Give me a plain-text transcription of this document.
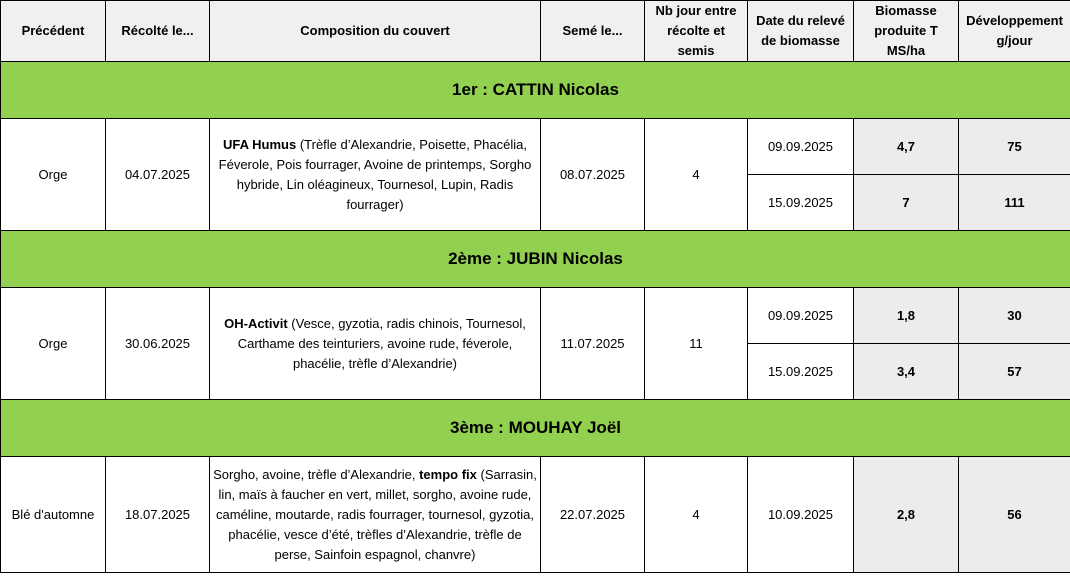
Précédent	Récolté le...	Composition du couvert	Semé le...	Nb jour entre récolte et semis	Date du relevé de biomasse	Biomasse produite T MS/ha	Développement g/jour
1er : CATTIN Nicolas							
Orge	04.07.2025	UFA Humus (Trèfle d’Alexandrie, Poisette, Phacélia, Féverole, Pois fourrager, Avoine de printemps, Sorgho hybride, Lin oléagineux, Tournesol, Lupin, Radis fourrager)	08.07.2025	4	09.09.2025	4,7	75
					15.09.2025	7	111
2ème : JUBIN Nicolas							
Orge	30.06.2025	OH-Activit (Vesce, gyzotia, radis chinois, Tournesol, Carthame des teinturiers, avoine rude, féverole, phacélie, trèfle d’Alexandrie)	11.07.2025	11	09.09.2025	1,8	30
					15.09.2025	3,4	57
3ème : MOUHAY Joël							
Blé d'automne	18.07.2025	Sorgho, avoine, trèfle d’Alexandrie, tempo fix (Sarrasin, lin, maïs à faucher en vert, millet, sorgho, avoine rude, caméline, moutarde, radis fourrager, tournesol, gyzotia, phacélie, vesce d’été, trèfles d’Alexandrie, trèfle de perse, Sainfoin espagnol, chanvre)	22.07.2025	4	10.09.2025	2,8	56
